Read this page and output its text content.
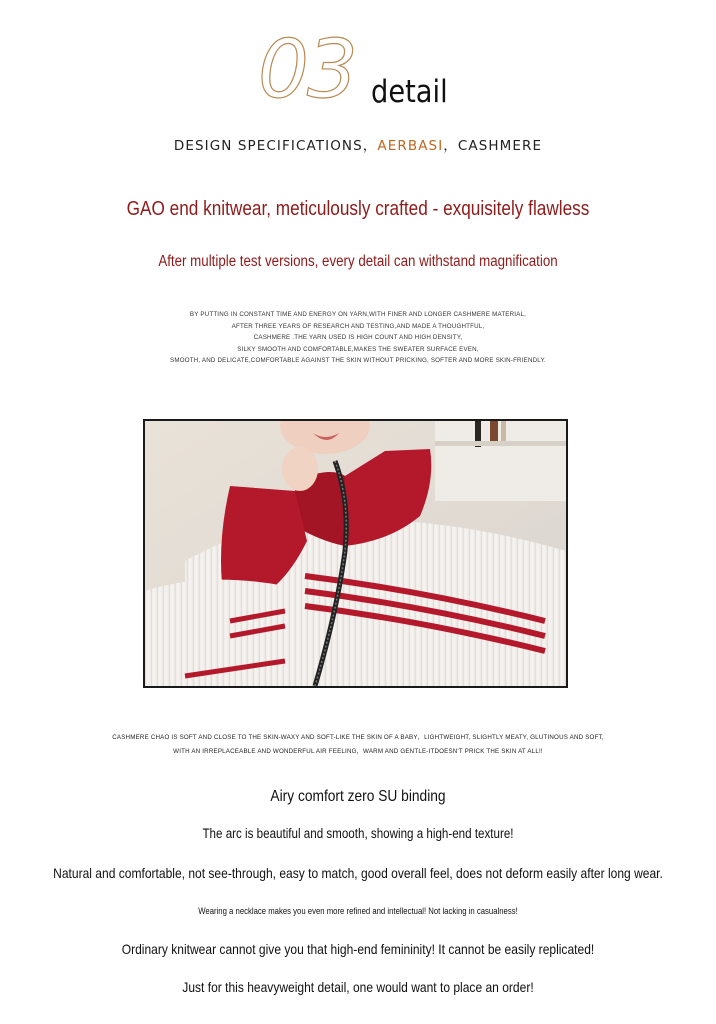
03 detail
DESIGN SPECIFICATIONS，AERBASI，CASHMERE
GAO end knitwear, meticulously crafted - exquisitely flawless
After multiple test versions, every detail can withstand magnification
BY PUTTING IN CONSTANT TIME AND ENERGY ON YARN,WITH FINER AND LONGER CASHMERE MATERIAL,
AFTER THREE YEARS OF RESEARCH AND TESTING,AND MADE A THOUGHTFUL,
CASHMERE .THE YARN USED IS HIGH COUNT AND HIGH DENSITY,
SILKY SMOOTH AND COMFORTABLE,MAKES THE SWEATER SURFACE EVEN,
SMOOTH, AND DELICATE,COMFORTABLE AGAINST THE SKIN WITHOUT PRICKING, SOFTER AND MORE SKIN-FRIENDLY.
CASHMERE CHAO IS SOFT AND CLOSE TO THE SKIN-WAXY AND SOFT-LIKE THE SKIN OF A BABY，LIGHTWEIGHT, SLIGHTLY MEATY, GLUTINOUS AND SOFT,
WITH AN IRREPLACEABLE AND WONDERFUL AIR FEELING，WARM AND GENTLE-ITDOESN'T PRICK THE SKIN AT ALL!!
Airy comfort zero SU binding
The arc is beautiful and smooth, showing a high-end texture!
Natural and comfortable, not see-through, easy to match, good overall feel, does not deform easily after long wear.
Wearing a necklace makes you even more refined and intellectual! Not lacking in casualness!
Ordinary knitwear cannot give you that high-end femininity! It cannot be easily replicated!
Just for this heavyweight detail, one would want to place an order!
